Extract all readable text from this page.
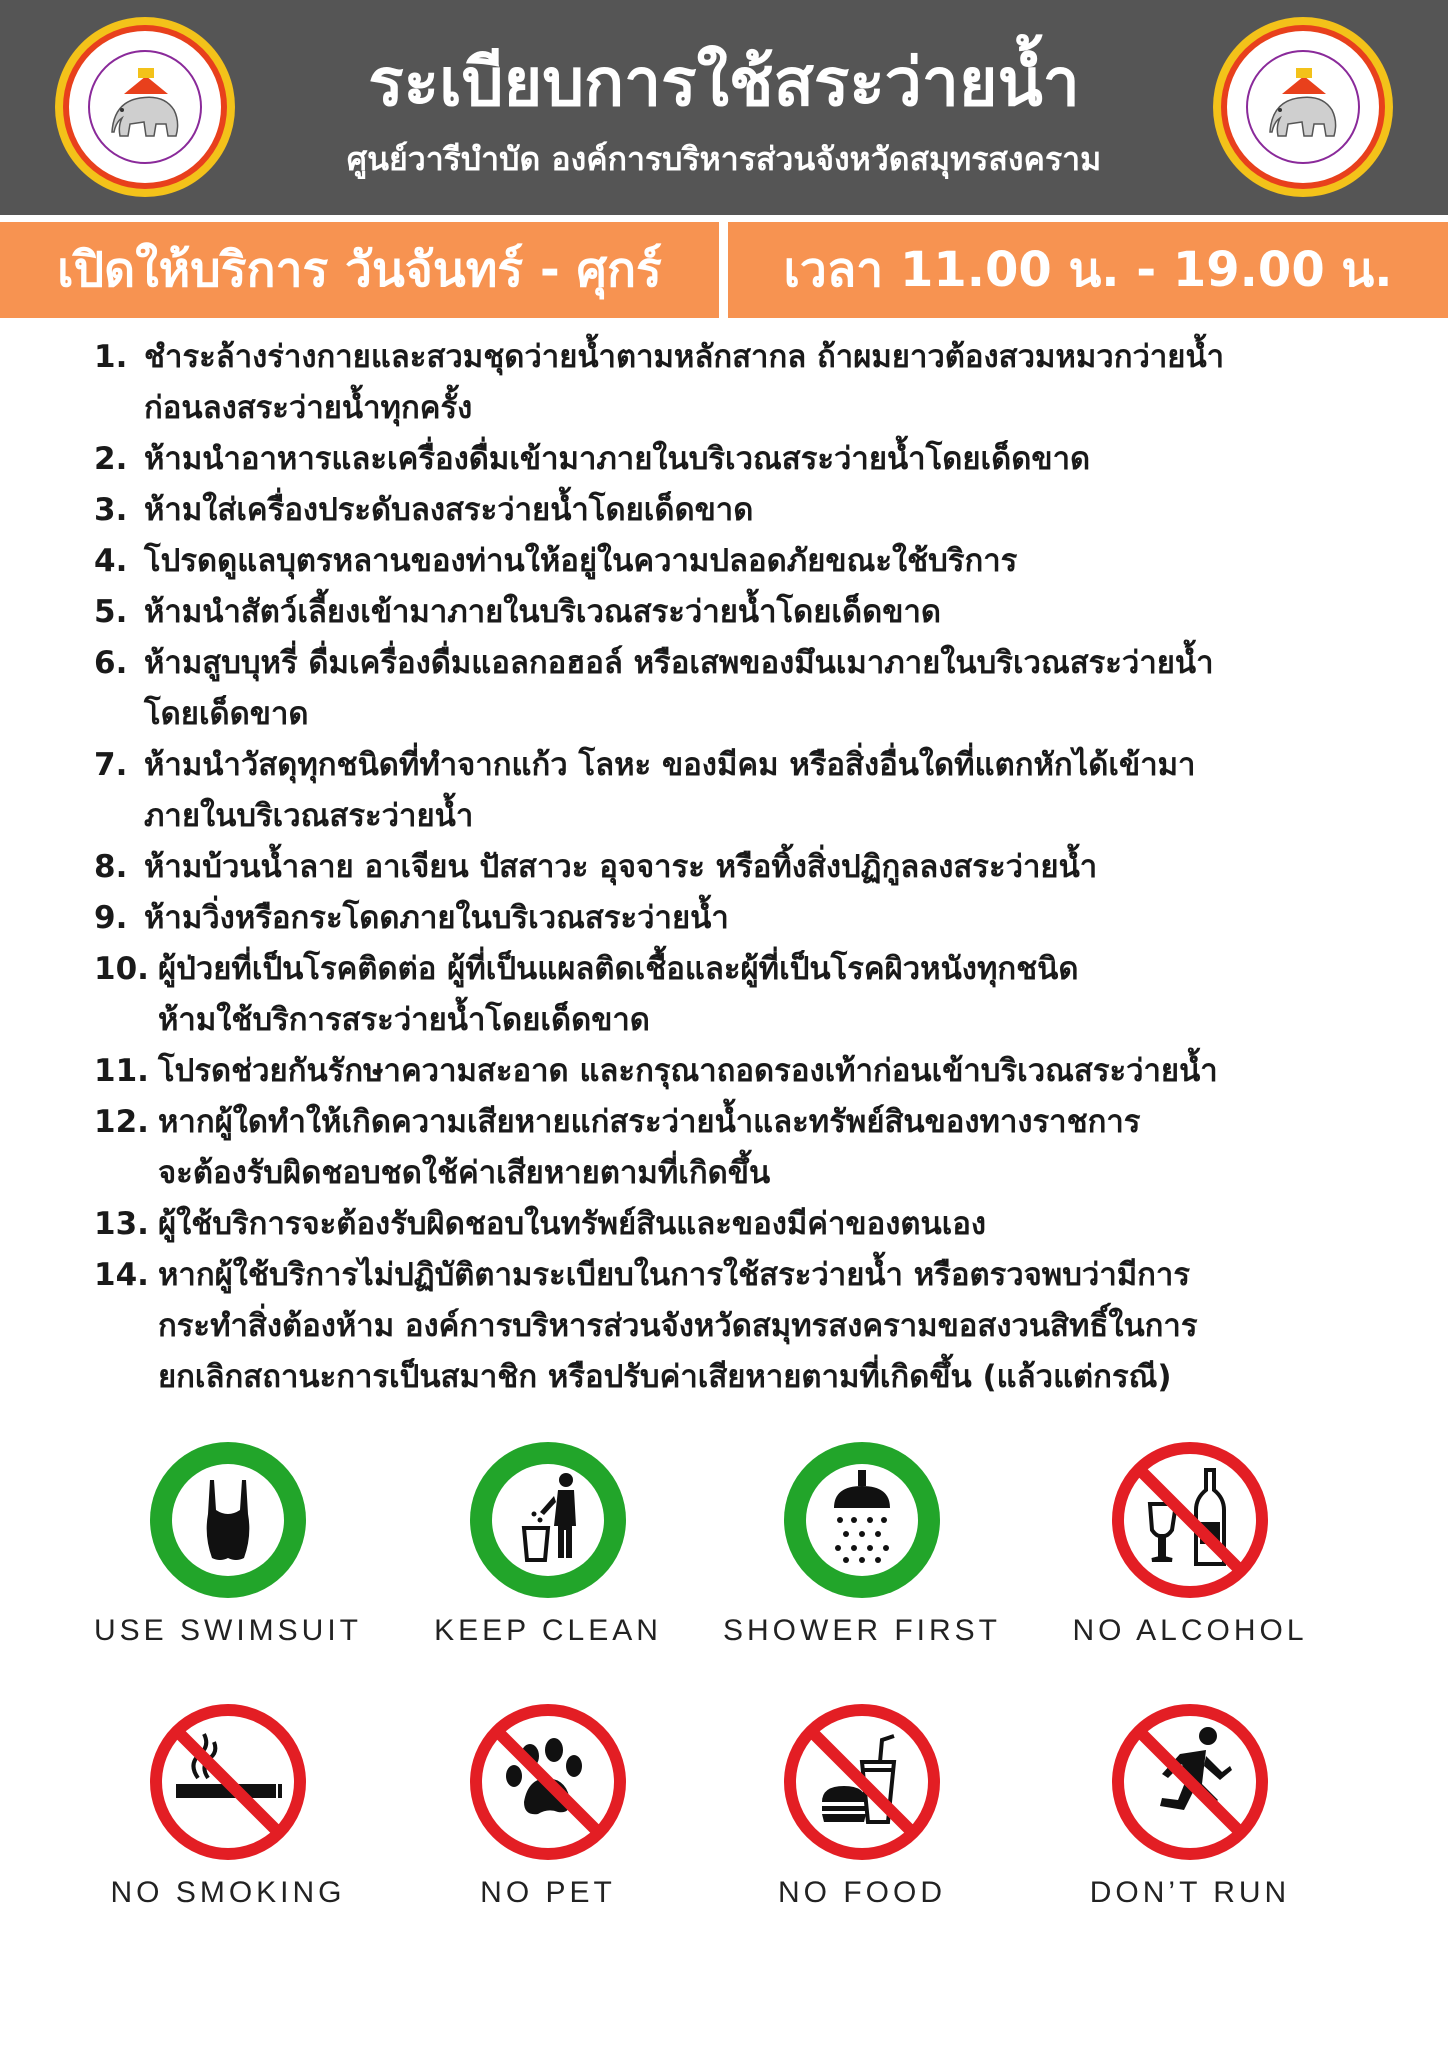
ระเบียบการใช้สระว่ายน้ำ

ศูนย์วารีบำบัด องค์การบริหารส่วนจังหวัดสมุทรสงคราม

เปิดให้บริการ วันจันทร์ - ศุกร์	เวลา 11.00 น. - 19.00 น.
1. ชำระล้างร่างกายและสวมชุดว่ายน้ำตามหลักสากล ถ้าผมยาวต้องสวมหมวกว่ายน้ำ
ก่อนลงสระว่ายน้ำทุกครั้ง
2. ห้ามนำอาหารและเครื่องดื่มเข้ามาภายในบริเวณสระว่ายน้ำโดยเด็ดขาด
3. ห้ามใส่เครื่องประดับลงสระว่ายน้ำโดยเด็ดขาด
4. โปรดดูแลบุตรหลานของท่านให้อยู่ในความปลอดภัยขณะใช้บริการ
5. ห้ามนำสัตว์เลี้ยงเข้ามาภายในบริเวณสระว่ายน้ำโดยเด็ดขาด
6. ห้ามสูบบุหรี่ ดื่มเครื่องดื่มแอลกอฮอล์ หรือเสพของมึนเมาภายในบริเวณสระว่ายน้ำ
โดยเด็ดขาด
7. ห้ามนำวัสดุทุกชนิดที่ทำจากแก้ว โลหะ ของมีคม หรือสิ่งอื่นใดที่แตกหักได้เข้ามา
ภายในบริเวณสระว่ายน้ำ
8. ห้ามบ้วนน้ำลาย อาเจียน ปัสสาวะ อุจจาระ หรือทิ้งสิ่งปฏิกูลลงสระว่ายน้ำ
9. ห้ามวิ่งหรือกระโดดภายในบริเวณสระว่ายน้ำ
10. ผู้ป่วยที่เป็นโรคติดต่อ ผู้ที่เป็นแผลติดเชื้อและผู้ที่เป็นโรคผิวหนังทุกชนิด
ห้ามใช้บริการสระว่ายน้ำโดยเด็ดขาด
11. โปรดช่วยกันรักษาความสะอาด และกรุณาถอดรองเท้าก่อนเข้าบริเวณสระว่ายน้ำ
12. หากผู้ใดทำให้เกิดความเสียหายแก่สระว่ายน้ำและทรัพย์สินของทางราชการ
จะต้องรับผิดชอบชดใช้ค่าเสียหายตามที่เกิดขึ้น
13. ผู้ใช้บริการจะต้องรับผิดชอบในทรัพย์สินและของมีค่าของตนเอง
14. หากผู้ใช้บริการไม่ปฏิบัติตามระเบียบในการใช้สระว่ายน้ำ หรือตรวจพบว่ามีการ
กระทำสิ่งต้องห้าม องค์การบริหารส่วนจังหวัดสมุทรสงครามขอสงวนสิทธิ์ในการ
ยกเลิกสถานะการเป็นสมาชิก หรือปรับค่าเสียหายตามที่เกิดขึ้น (แล้วแต่กรณี)
USE SWIMSUIT	KEEP CLEAN	SHOWER FIRST	NO ALCOHOL
NO SMOKING	NO PET	NO FOOD	DON’T RUN
